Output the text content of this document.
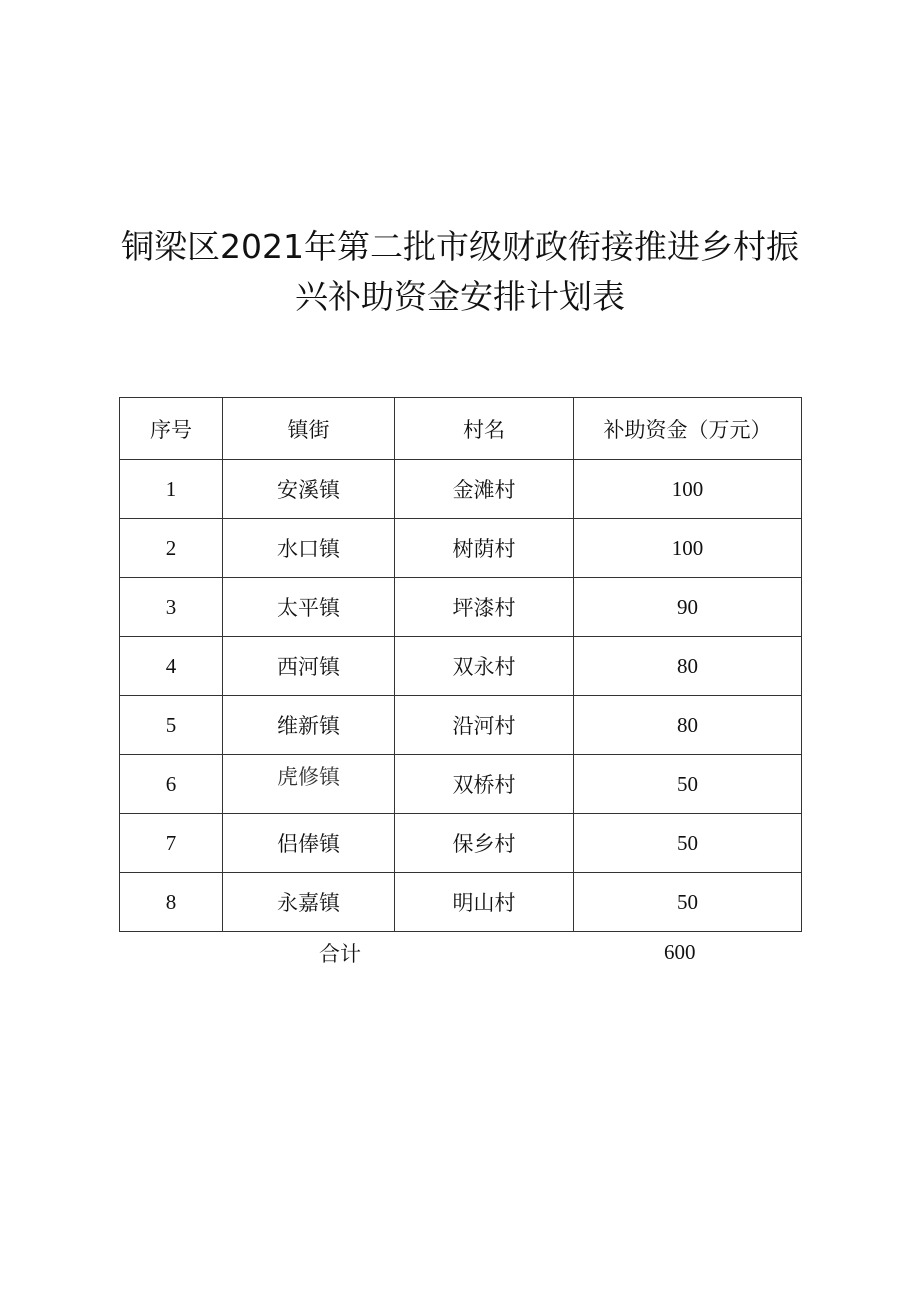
铜梁区2021年第二批市级财政衔接推进乡村振
兴补助资金安排计划表
序号	镇街	村名	补助资金（万元）
1	安溪镇	金滩村	100
2	水口镇	树荫村	100
3	太平镇	坪漆村	90
4	西河镇	双永村	80
5	维新镇	沿河村	80
6	虎修镇	双桥村	50
7	侣俸镇	保乡村	50
8	永嘉镇	明山村	50
合计	600
